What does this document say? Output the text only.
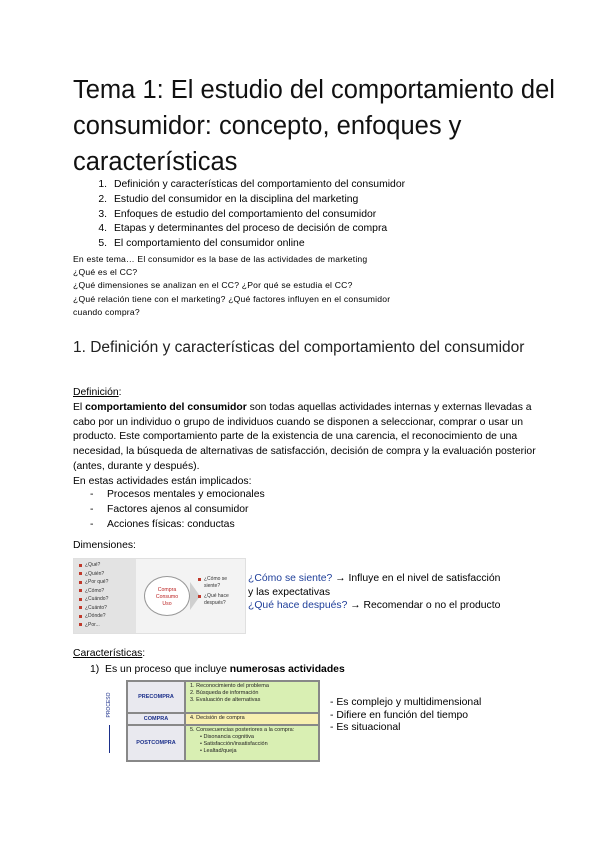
Tema 1: El estudio del comportamiento del consumidor: concepto, enfoques y características
1. Definición y características del comportamiento del consumidor
2. Estudio del consumidor en la disciplina del marketing
3. Enfoques de estudio del comportamiento del consumidor
4. Etapas y determinantes del proceso de decisión de compra
5. El comportamiento del consumidor online
En este tema… El consumidor es la base de las actividades de marketing
¿Qué es el CC?
¿Qué dimensiones se analizan en el CC? ¿Por qué se estudia el CC?
¿Qué relación tiene con el marketing? ¿Qué factores influyen en el consumidor
cuando compra?
1. Definición y características del comportamiento del consumidor
Definición:
El comportamiento del consumidor son todas aquellas actividades internas y externas llevadas a cabo por un individuo o grupo de individuos cuando se disponen a seleccionar, comprar o usar un producto. Este comportamiento parte de la existencia de una carencia, el reconocimiento de una necesidad, la búsqueda de alternativas de satisfacción, decisión de compra y la evaluación posterior (antes, durante y después).
En estas actividades están implicados:
-	Procesos mentales y emocionales
-	Factores ajenos al consumidor
-	Acciones físicas: conductas
Dimensiones:
¿Qué?
¿Quién?
¿Por qué?
¿Cómo?
¿Cuándo?
¿Cuánto?
¿Dónde?
¿Por...
Compra
Consumo
Uso
¿Cómo se siente?
¿Qué hace después?
¿Cómo se siente? → Influye en el nivel de satisfacción
y las expectativas
¿Qué hace después? → Recomendar o no el producto
Características:
1) Es un proceso que incluye numerosas actividades
PROCESO	PRECOMPRA
1. Reconocimiento del problema
2. Búsqueda de información
3. Evaluación de alternativas
COMPRA	4. Decisión de compra
POSTCOMPRA
5. Consecuencias posteriores a la compra:
• Disonancia cognitiva
• Satisfacción/insatisfacción
• Lealtad/queja
- Es complejo y multidimensional
- Difiere en función del tiempo
- Es situacional
